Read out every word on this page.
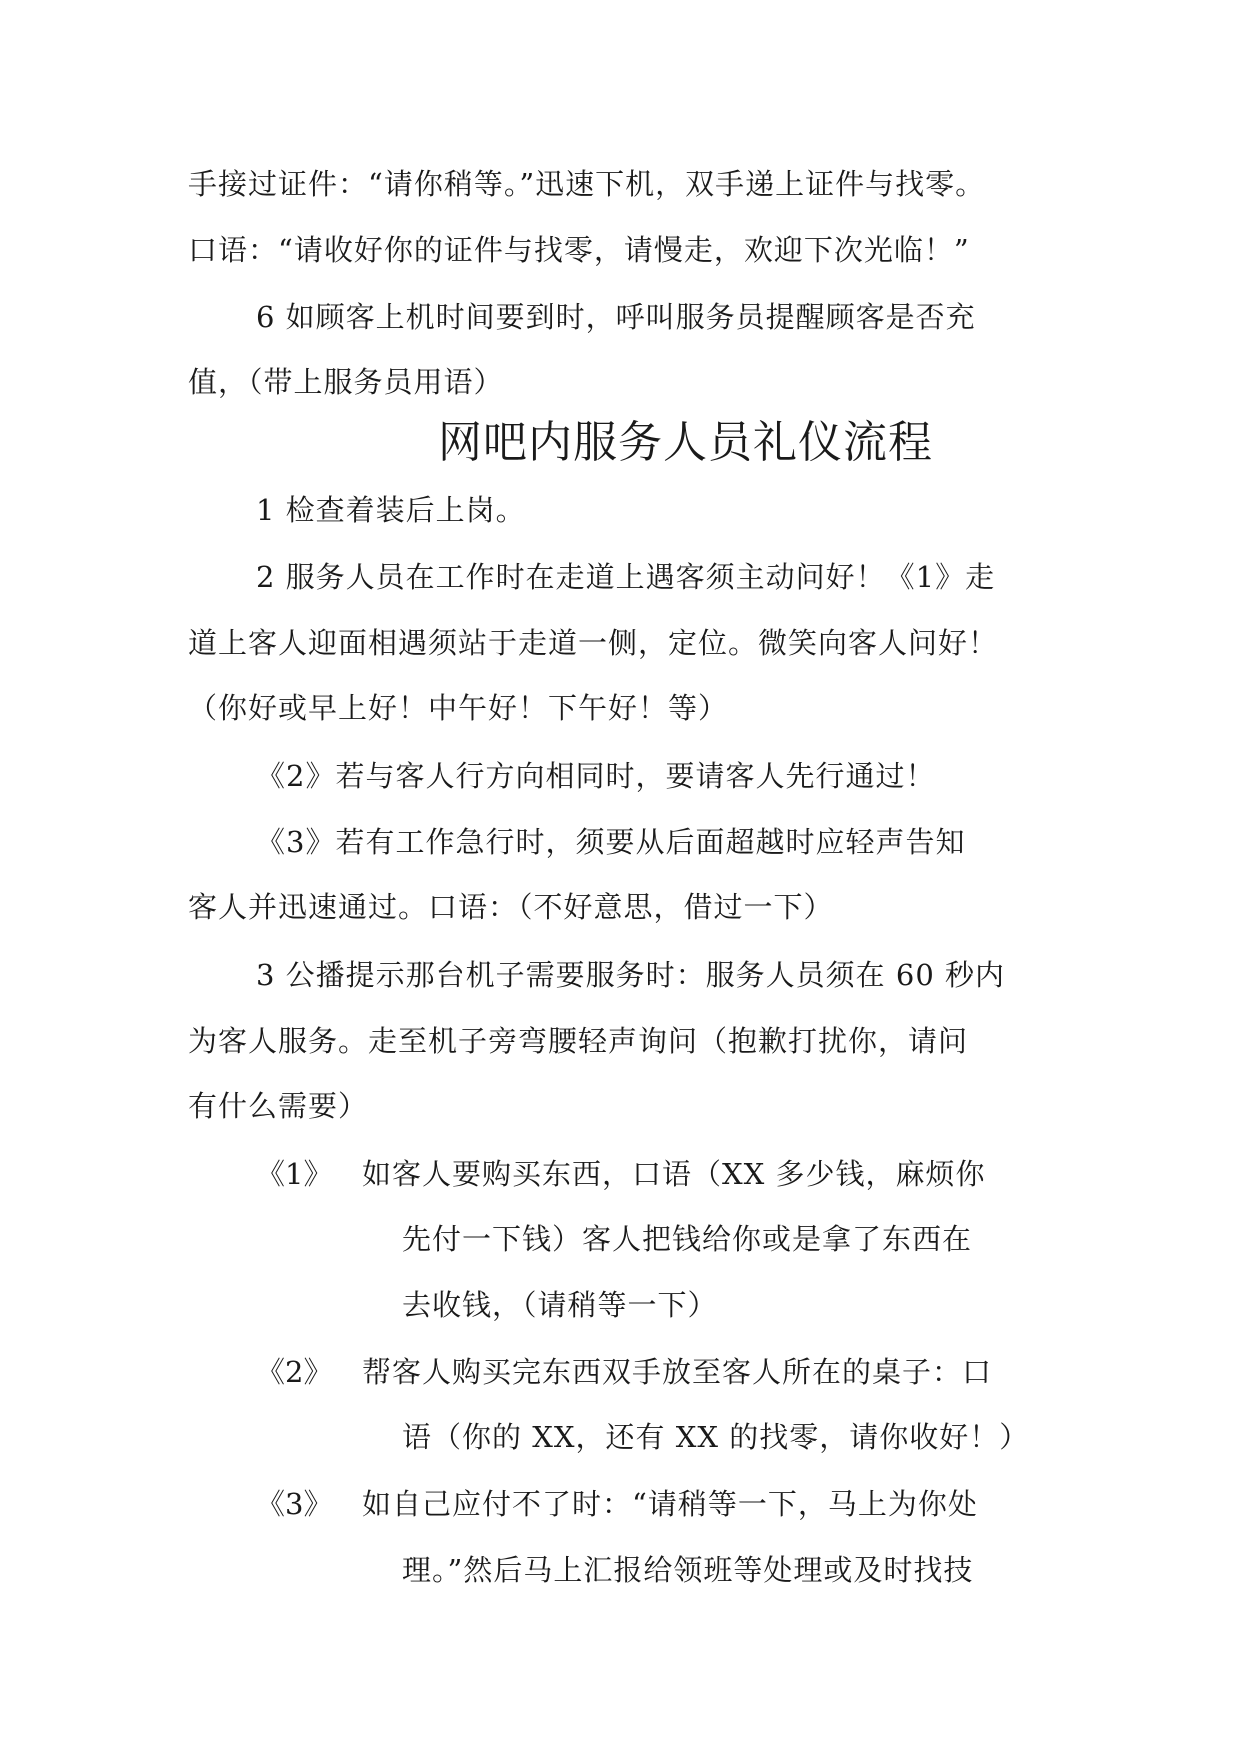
手接过证件：“请你稍等。”迅速下机，双手递上证件与找零。
口语：“请收好你的证件与找零，请慢走，欢迎下次光临！”
6 如顾客上机时间要到时，呼叫服务员提醒顾客是否充
值，（带上服务员用语）
网吧内服务人员礼仪流程
1 检查着装后上岗。
2 服务人员在工作时在走道上遇客须主动问好！《1》走
道上客人迎面相遇须站于走道一侧，定位。微笑向客人问好！
（你好或早上好！中午好！下午好！等）
《2》若与客人行方向相同时，要请客人先行通过！
《3》若有工作急行时，须要从后面超越时应轻声告知
客人并迅速通过。口语：（不好意思，借过一下）
3 公播提示那台机子需要服务时：服务人员须在 60 秒内
为客人服务。走至机子旁弯腰轻声询问（抱歉打扰你，请问
有什么需要）
《1》 如客人要购买东西，口语（XX 多少钱，麻烦你
先付一下钱）客人把钱给你或是拿了东西在
去收钱，（请稍等一下）
《2》 帮客人购买完东西双手放至客人所在的桌子：口
语（你的 XX，还有 XX 的找零，请你收好！）
《3》 如自己应付不了时：“请稍等一下，马上为你处
理。”然后马上汇报给领班等处理或及时找技
